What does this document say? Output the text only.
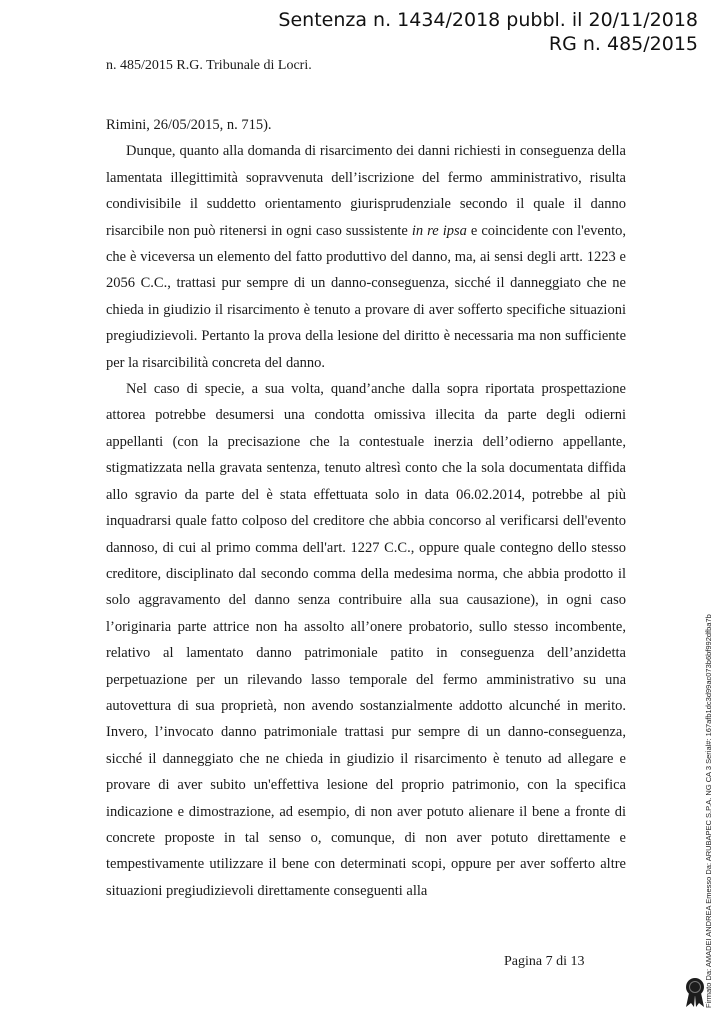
Sentenza n. 1434/2018 pubbl. il 20/11/2018
RG n. 485/2015
n. 485/2015 R.G. Tribunale di Locri.

Rimini, 26/05/2015, n. 715).

Dunque, quanto alla domanda di risarcimento dei danni richiesti in conseguenza della lamentata illegittimità sopravvenuta dell’iscrizione del fermo amministrativo, risulta condivisibile il suddetto orientamento giurisprudenziale secondo il quale il danno risarcibile non può ritenersi in ogni caso sussistente in re ipsa e coincidente con l'evento, che è viceversa un elemento del fatto produttivo del danno, ma, ai sensi degli artt. 1223 e 2056 C.C., trattasi pur sempre di un danno-conseguenza, sicché il danneggiato che ne chieda in giudizio il risarcimento è tenuto a provare di aver sofferto specifiche situazioni pregiudizievoli. Pertanto la prova della lesione del diritto è necessaria ma non sufficiente per la risarcibilità concreta del danno.

Nel caso di specie, a sua volta, quand’anche dalla sopra riportata prospettazione attorea potrebbe desumersi una condotta omissiva illecita da parte degli odierni appellanti (con la precisazione che la contestuale inerzia dell’odierno appellante, stigmatizzata nella gravata sentenza, tenuto altresì conto che la sola documentata diffida allo sgravio da parte del è stata effettuata solo in data 06.02.2014, potrebbe al più inquadrarsi quale fatto colposo del creditore che abbia concorso al verificarsi dell'evento dannoso, di cui al primo comma dell'art. 1227 C.C., oppure quale contegno dello stesso creditore, disciplinato dal secondo comma della medesima norma, che abbia prodotto il solo aggravamento del danno senza contribuire alla sua causazione), in ogni caso l’originaria parte attrice non ha assolto all’onere probatorio, sullo stesso incombente, relativo al lamentato danno patrimoniale patito in conseguenza dell’anzidetta perpetuazione per un rilevando lasso temporale del fermo amministrativo su una autovettura di sua proprietà, non avendo sostanzialmente addotto alcunché in merito. Invero, l’invocato danno patrimoniale trattasi pur sempre di un danno-conseguenza, sicché il danneggiato che ne chieda in giudizio il risarcimento è tenuto ad allegare e provare di aver subito un'effettiva lesione del proprio patrimonio, con la specifica indicazione e dimostrazione, ad esempio, di non aver potuto alienare il bene a fronte di concrete proposte in tal senso o, comunque, di non aver potuto direttamente e tempestivamente utilizzare il bene con determinati scopi, oppure per aver sofferto altre situazioni pregiudizievoli direttamente conseguenti alla

Pagina 7 di 13	Firmato Da: AMADEI ANDREA Emesso Da: ARUBAPEC S.P.A. NG CA 3 Serial#: 167afb1dc3d99ac073b6bf992dfba7b
